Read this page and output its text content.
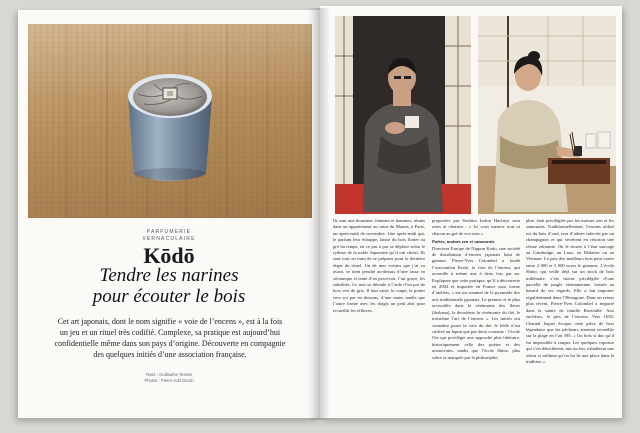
PARFUMERIE
VERNACULAIRE
Kōdō
Tendre les narines
pour écouter le bois
Cet art japonais, dont le nom signifie « voie de l’encens », est à la fois un jeu et un rituel très codifié. Complexe, sa pratique est aujourd’hui confidentielle même dans son pays d’origine. Découverte en compagnie des quelques initiés d’une association française.
Texte : Guillaume Tesson
Photos : Pierre-Adri Duruh
Ils sont une douzaine, femmes et hommes, réunis dans un appartement au cœur du Marais, à Paris, un après-midi de novembre. Une après-midi qui, le parfum leur échappe, laisse du bois flotter au gré du temps, où ce pas à pas se déplace selon le rythme de la noble Japonaise qu’il ont choisi. Ils sont tous en train de se préparer pour la dernière étape du rituel. Un de mes voisins que j’ai vu avant, se tient penché au-dessus d’une tasse en céramique et tente d’en percevoir, l’air grave, les subtilités. Le tout se déroule à l’aide d’un pot de bois vert de gris. Il faut saisir la coupe, la porter vers soi par en dessous, d’une main, tandis que l’autre forme avec les doigts un petit abri pour recueillir les effluves.
proposées par Souhiro Isshin Hachiya sont rares et choisies : « Ici vous meurez tous et chacun au gré de vos sens ».
Poètes, moines zen et samouraïs
Directeur Europe de Nippon Kodo, une société de distribution d’encens japonais haut de gamme, Pierre-Yves Colombel a fondé l’association Kodo, la voie de l’encens, qui accueille à même une à deux fois par an. Expliquez que cette pratique, qu’il a découverte en 2004 et importée en France sous forme d’ateliers, « est un sommet de la pyramide des arts traditionnels japonais. Le premier et le plus accessible dans la cérémonie des fleurs (ikebana), la deuxième la cérémonie du thé, le troisième l’art de l’encens ». Les initiés ont connaître poser la voix du thé, le kōdō n’est cultivé au Japon que par deux courants : l’école Oie qui privilégie une approche plus littéraire, historiquement celle des poètes et des aristocrates, tandis que l’école Shino, plus sobre et marquée par la philosophie,
phie, était privilégiée par les moines zen et les samouraïs. Traditionnellement, l’encens utilisé est du bois d’oud, issu d’arbres infectés par un champignon et qui sécrètent en réaction une résine odorante. On le trouve à l’état sauvage au Cambodge, au Laos, en Malaisie ou au Vietnam. Le prix des meilleurs bois peut varier entre 2 000 et 3 000 euros le gramme. L’école Shino, qui veille déjà sur un stock de bois millénaire, s’est moins privilégiée d’une parcelle de jungle vietnamienne, laissée au hasard de ses regards. Elle a fait importer régulièrement dans l’Hexagone. Dans un retour plus récent, Pierre-Yves Colombel a importé dans la sainte de famille Ravitaillé. Aux enchères, le prix de l’encens. Vers 1650, Chantal Jaquet évoque cette pièce de bois légendaire que les pêcheurs auraient recueillie sur la plage en l’an 595. « Un bois si dur qu’il fut impossible à couper. Les quelques copeaux qui s’en détachèrent, mis au feu, exhalèrent une odeur si sublime qu’on lui fit une place dans la tradition ».
